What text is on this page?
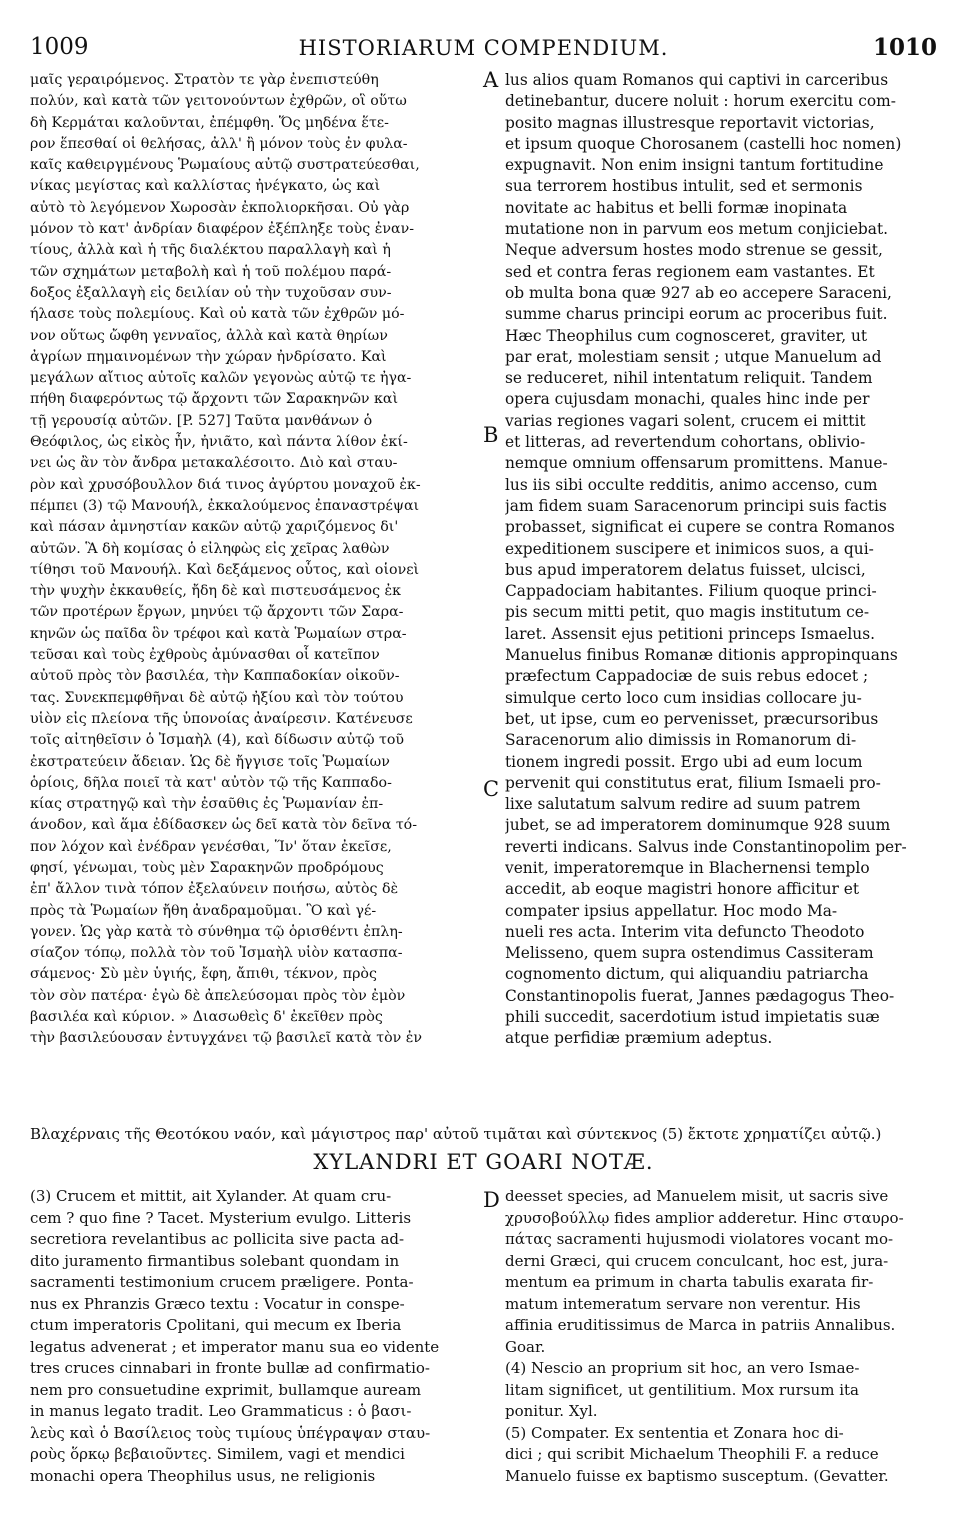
1009	HISTORIARUM COMPENDIUM.	1010
A
B
C
D
μαῖς γεραιρόμενος. Στρατὸν τε γὰρ ἐνεπιστεύθη
πολύν, καὶ κατὰ τῶν γειτονούντων ἐχθρῶν, οἳ οὕτω
δὴ Κερμάται καλοῦνται, ἐπέμφθη. Ὅς μηδένα ἕτε-
ρον ἕπεσθαί οἱ θελήσας, ἀλλ' ἢ μόνον τοὺς ἐν φυλα-
καῖς καθειργμένους Ῥωμαίους αὐτῷ συστρατεύεσθαι,
νίκας μεγίστας καὶ καλλίστας ἠνέγκατο, ὡς καὶ
αὐτὸ τὸ λεγόμενον Χωροσὰν ἐκπολιορκῆσαι. Οὐ γὰρ
μόνον τὸ κατ' ἀνδρίαν διαφέρον ἐξέπληξε τοὺς ἐναν-
τίους, ἀλλὰ καὶ ἡ τῆς διαλέκτου παραλλαγὴ καὶ ἡ
τῶν σχημάτων μεταβολὴ καὶ ἡ τοῦ πολέμου παρά-
δοξος ἐξαλλαγὴ εἰς δειλίαν οὐ τὴν τυχοῦσαν συν-
ήλασε τοὺς πολεμίους. Καὶ οὐ κατὰ τῶν ἐχθρῶν μό-
νον οὕτως ὤφθη γενναῖος, ἀλλὰ καὶ κατὰ θηρίων
ἀγρίων πημαινομένων τὴν χώραν ἠνδρίσατο. Καὶ
μεγάλων αἴτιος αὐτοῖς καλῶν γεγονὼς αὐτῷ τε ἠγα-
πήθη διαφερόντως τῷ ἄρχοντι τῶν Σαρακηνῶν καὶ
τῇ γερουσίᾳ αὐτῶν. [P. 527] Ταῦτα μανθάνων ὁ
Θεόφιλος, ὡς εἰκὸς ἦν, ἠνιᾶτο, καὶ πάντα λίθον ἐκί-
νει ὡς ἂν τὸν ἄνδρα μετακαλέσοιτο. Διὸ καὶ σταυ-
ρὸν καὶ χρυσόβουλλον διά τινος ἀγύρτου μοναχοῦ ἐκ-
πέμπει (3) τῷ Μανουήλ, ἐκκαλούμενος ἐπαναστρέψαι
καὶ πάσαν ἀμνηστίαν κακῶν αὐτῷ χαριζόμενος δι'
αὐτῶν. Ἃ δὴ κομίσας ὁ εἰληφὼς εἰς χεῖρας λαθὼν
τίθησι τοῦ Μανουήλ. Καὶ δεξάμενος οὗτος, καὶ οἱονεὶ
τὴν ψυχὴν ἐκκαυθείς, ἤδη δὲ καὶ πιστευσάμενος ἐκ
τῶν προτέρων ἔργων, μηνύει τῷ ἄρχοντι τῶν Σαρα-
κηνῶν ὡς παῖδα ὃν τρέφοι καὶ κατὰ Ῥωμαίων στρα-
τεῦσαι καὶ τοὺς ἐχθροὺς ἀμύνασθαι οἷ κατεῖπον
αὐτοῦ πρὸς τὸν βασιλέα, τὴν Καππαδοκίαν οἰκοῦν-
τας. Συνεκπεμφθῆναι δὲ αὐτῷ ἠξίου καὶ τὸν τούτου
υἱὸν εἰς πλείονα τῆς ὑπονοίας ἀναίρεσιν. Κατένευσε
τοῖς αἰτηθεῖσιν ὁ Ἰσμαὴλ (4), καὶ δίδωσιν αὐτῷ τοῦ
ἐκστρατεύειν ἄδειαν. Ὡς δὲ ἤγγισε τοῖς Ῥωμαίων
ὁρίοις, δῆλα ποιεῖ τὰ κατ' αὐτὸν τῷ τῆς Καππαδο-
κίας στρατηγῷ καὶ τὴν ἐσαῦθις ἐς Ῥωμανίαν ἐπ-
άνοδον, καὶ ἅμα ἐδίδασκεν ὡς δεῖ κατὰ τὸν δεῖνα τό-
πον λόχον καὶ ἐνέδραν γενέσθαι, Ἵν' ὅταν ἐκεῖσε,
φησί, γένωμαι, τοὺς μὲν Σαρακηνῶν προδρόμους
ἐπ' ἄλλον τινὰ τόπον ἐξελαύνειν ποιήσω, αὐτὸς δὲ
πρὸς τὰ Ῥωμαίων ἤθη ἀναδραμοῦμαι. Ὃ καὶ γέ-
γονεν. Ὡς γὰρ κατὰ τὸ σύνθημα τῷ ὁρισθέντι ἐπλη-
σίαζον τόπῳ, πολλὰ τὸν τοῦ Ἰσμαὴλ υἱὸν κατασπα-
σάμενος· Σὺ μὲν ὑγιής, ἔφη, ἄπιθι, τέκνον, πρὸς
τὸν σὸν πατέρα· ἐγὼ δὲ ἀπελεύσομαι πρὸς τὸν ἐμὸν
βασιλέα καὶ κύριον. » Διασωθεὶς δ' ἐκεῖθεν πρὸς
τὴν βασιλεύουσαν ἐντυγχάνει τῷ βασιλεῖ κατὰ τὸν ἐν
lus alios quam Romanos qui captivi in carceribus
detinebantur, ducere noluit : horum exercitu com-
posito magnas illustresque reportavit victorias,
et ipsum quoque Chorosanem (castelli hoc nomen)
expugnavit. Non enim insigni tantum fortitudine
sua terrorem hostibus intulit, sed et sermonis
novitate ac habitus et belli formæ inopinata
mutatione non in parvum eos metum conjiciebat.
Neque adversum hostes modo strenue se gessit,
sed et contra feras regionem eam vastantes. Et
ob multa bona quæ 927 ab eo accepere Saraceni,
summe charus principi eorum ac proceribus fuit.
Hæc Theophilus cum cognosceret, graviter, ut
par erat, molestiam sensit ; utque Manuelum ad
se reduceret, nihil intentatum reliquit. Tandem
opera cujusdam monachi, quales hinc inde per
varias regiones vagari solent, crucem ei mittit
et litteras, ad revertendum cohortans, oblivio-
nemque omnium offensarum promittens. Manue-
lus iis sibi occulte redditis, animo accenso, cum
jam fidem suam Saracenorum principi suis factis
probasset, significat ei cupere se contra Romanos
expeditionem suscipere et inimicos suos, a qui-
bus apud imperatorem delatus fuisset, ulcisci,
Cappadociam habitantes. Filium quoque princi-
pis secum mitti petit, quo magis institutum ce-
laret. Assensit ejus petitioni princeps Ismaelus.
Manuelus finibus Romanæ ditionis appropinquans
præfectum Cappadociæ de suis rebus edocet ;
simulque certo loco cum insidias collocare ju-
bet, ut ipse, cum eo pervenisset, præcursoribus
Saracenorum alio dimissis in Romanorum di-
tionem ingredi possit. Ergo ubi ad eum locum
pervenit qui constitutus erat, filium Ismaeli pro-
lixe salutatum salvum redire ad suum patrem
jubet, se ad imperatorem dominumque 928 suum
reverti indicans. Salvus inde Constantinopolim per-
venit, imperatoremque in Blachernensi templo
accedit, ab eoque magistri honore afficitur et
compater ipsius appellatur. Hoc modo Ma-
nueli res acta. Interim vita defuncto Theodoto
Melisseno, quem supra ostendimus Cassiteram
cognomento dictum, qui aliquandiu patriarcha
Constantinopolis fuerat, Jannes pædagogus Theo-
phili succedit, sacerdotium istud impietatis suæ
atque perfidiæ præmium adeptus.
Βλαχέρναις τῆς Θεοτόκου ναόν, καὶ μάγιστρος παρ' αὐτοῦ τιμᾶται καὶ σύντεκνος (5) ἔκτοτε χρηματίζει αὐτῷ.)
XYLANDRI ET GOARI NOTÆ.
(3) Crucem et mittit, ait Xylander. At quam cru-
cem ? quo fine ? Tacet. Mysterium evulgo. Litteris
secretiora revelantibus ac pollicita sive pacta ad-
dito juramento firmantibus solebant quondam in
sacramenti testimonium crucem præligere. Ponta-
nus ex Phranzis Græco textu : Vocatur in conspe-
ctum imperatoris Cpolitani, qui mecum ex Iberia
legatus advenerat ; et imperator manu sua eo vidente
tres cruces cinnabari in fronte bullæ ad confirmatio-
nem pro consuetudine exprimit, bullamque auream
in manus legato tradit. Leo Grammaticus : ὁ βασι-
λεὺς καὶ ὁ Βασίλειος τοὺς τιμίους ὑπέγραψαν σταυ-
ροὺς ὅρκῳ βεβαιοῦντες. Similem, vagi et mendici
monachi opera Theophilus usus, ne religionis
deesset species, ad Manuelem misit, ut sacris sive
χρυσοβούλλῳ fides amplior adderetur. Hinc σταυρο-
πάτας sacramenti hujusmodi violatores vocant mo-
derni Græci, qui crucem conculcant, hoc est, jura-
mentum ea primum in charta tabulis exarata fir-
matum intemeratum servare non verentur. His
affinia eruditissimus de Marca in patriis Annalibus.
Goar.
(4) Nescio an proprium sit hoc, an vero Ismae-
litam significet, ut gentilitium. Mox rursum ita
ponitur. Xyl.
(5) Compater. Ex sententia et Zonara hoc di-
dici ; qui scribit Michaelum Theophili F. a reduce
Manuelo fuisse ex baptismo susceptum. (Gevatter.
